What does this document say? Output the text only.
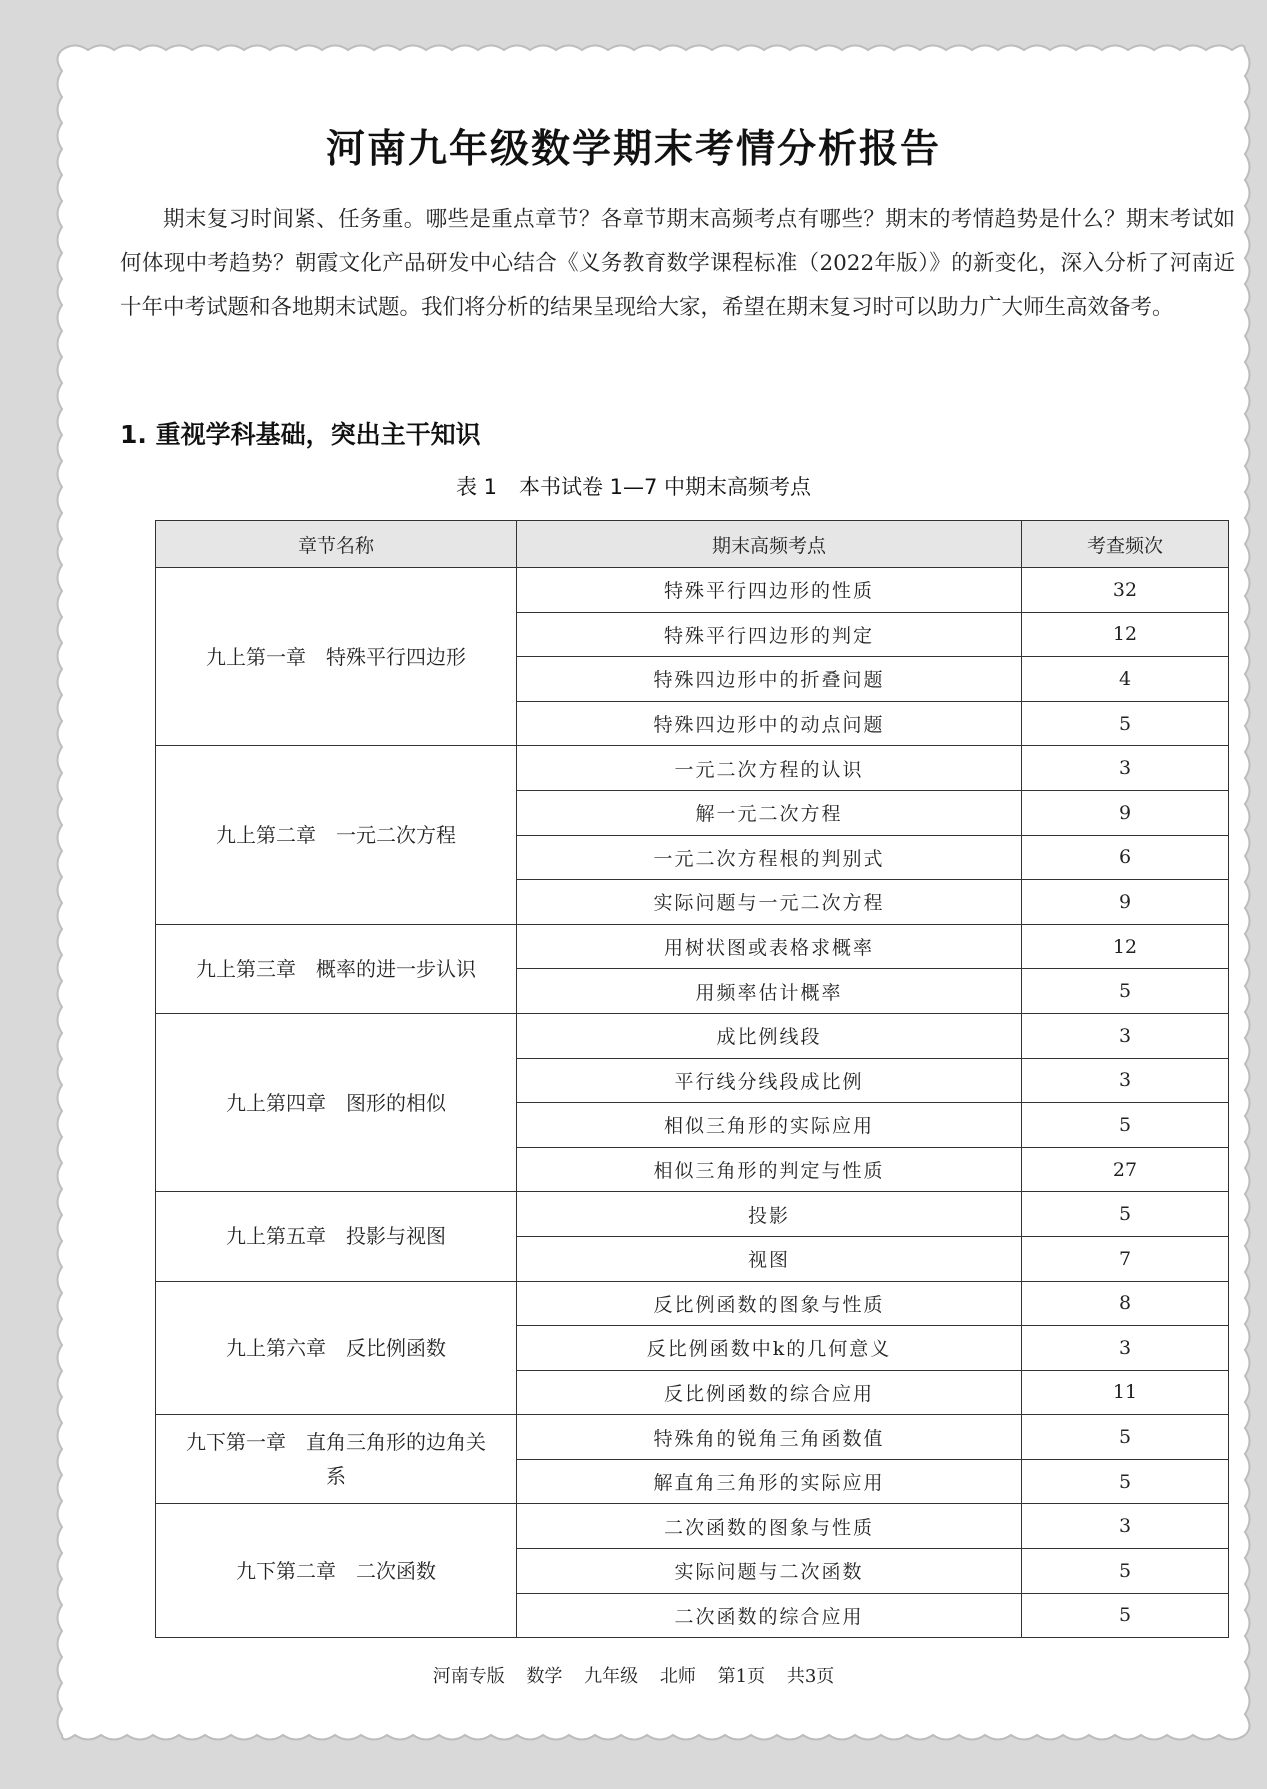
河南九年级数学期末考情分析报告

期末复习时间紧、任务重。哪些是重点章节？各章节期末高频考点有哪些？期末的考情趋势是什么？期末考试如何体现中考趋势？朝霞文化产品研发中心结合《义务教育数学课程标准（2022年版）》的新变化，深入分析了河南近十年中考试题和各地期末试题。我们将分析的结果呈现给大家，希望在期末复习时可以助力广大师生高效备考。

1. 重视学科基础，突出主干知识
表 1 本书试卷 1—7 中期末高频考点
章节名称	期末高频考点	考查频次
九上第一章　特殊平行四边形	特殊平行四边形的性质	32
	特殊平行四边形的判定	12
	特殊四边形中的折叠问题	4
	特殊四边形中的动点问题	5
九上第二章　一元二次方程	一元二次方程的认识	3
	解一元二次方程	9
	一元二次方程根的判别式	6
	实际问题与一元二次方程	9
九上第三章　概率的进一步认识	用树状图或表格求概率	12
	用频率估计概率	5
九上第四章　图形的相似	成比例线段	3
	平行线分线段成比例	3
	相似三角形的实际应用	5
	相似三角形的判定与性质	27
九上第五章　投影与视图	投影	5
	视图	7
九上第六章　反比例函数	反比例函数的图象与性质	8
	反比例函数中k的几何意义	3
	反比例函数的综合应用	11
九下第一章　直角三角形的边角关系	特殊角的锐角三角函数值	5
	解直角三角形的实际应用	5
九下第二章　二次函数	二次函数的图象与性质	3
	实际问题与二次函数	5
	二次函数的综合应用	5
河南专版 数学 九年级 北师 第1页 共3页
